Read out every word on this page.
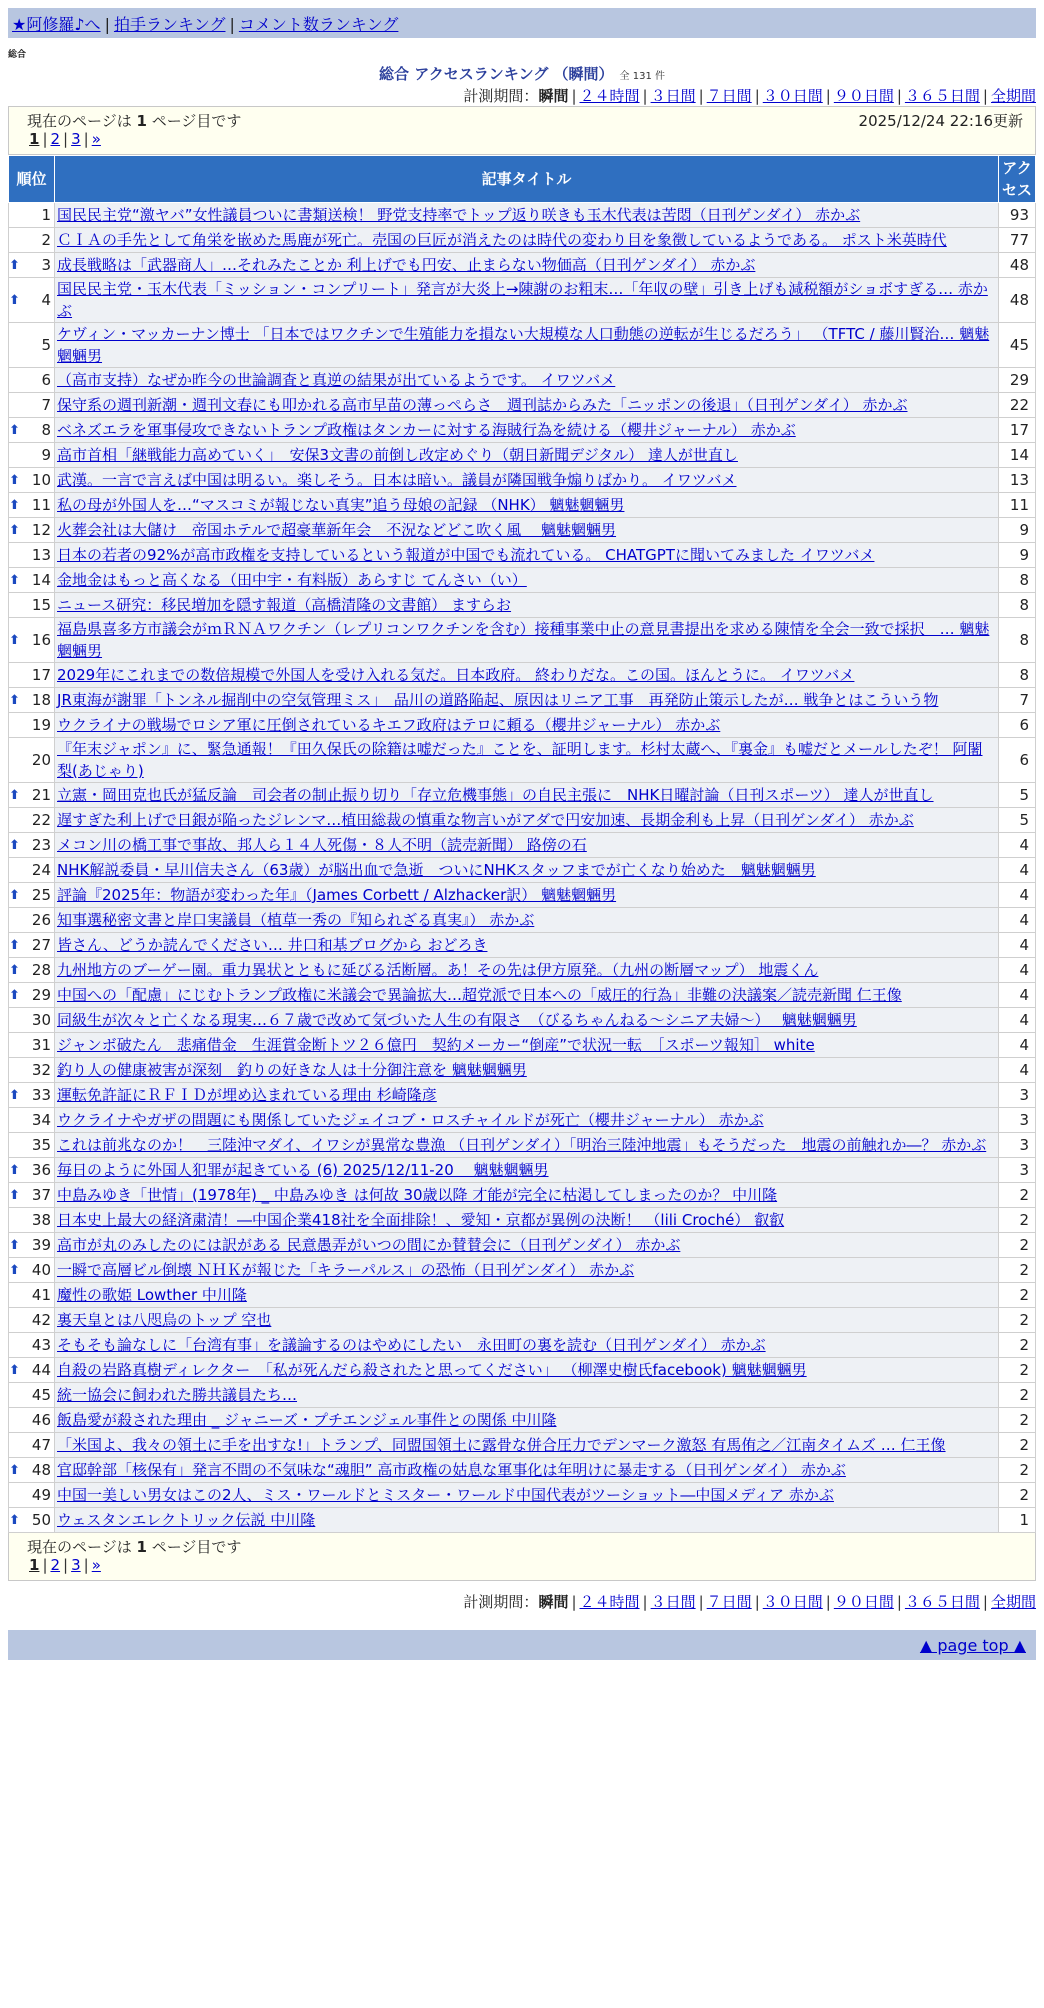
★阿修羅♪へ | 拍手ランキング | コメント数ランキング
総合
総合 アクセスランキング （瞬間） 全 131 件
計測期間：瞬間 | ２４時間 | ３日間 | ７日間 | ３０日間 | ９０日間 | ３６５日間 | 全期間
現在のページは 1 ページ目です	2025/12/24 22:16更新
1 | 2 | 3 | »
順位		記事タイトル	アクセス
	1	国民民主党“激ヤバ”女性議員ついに書類送検！ 野党支持率でトップ返り咲きも玉木代表は苦悶（日刊ゲンダイ） 赤かぶ	93
	2	ＣＩＡの手先として角栄を嵌めた馬鹿が死亡。売国の巨匠が消えたのは時代の変わり目を象徴しているようである。 ポスト米英時代	77
⬆	3	成長戦略は「武器商人」…それみたことか 利上げでも円安、止まらない物価高（日刊ゲンダイ） 赤かぶ	48
⬆	4	国民民主党・玉木代表「ミッション・コンプリート」発言が大炎上→陳謝のお粗末…「年収の壁」引き上げも減税額がショボすぎる… 赤かぶ	48
	5	ケヴィン・マッカーナン博士 「日本ではワクチンで生殖能力を損ない大規模な人口動態の逆転が生じるだろう」 （TFTC / 藤川賢治… 魑魅魍魎男	45
	6	（高市支持）なぜか昨今の世論調査と真逆の結果が出ているようです。 イワツバメ	29
	7	保守系の週刊新潮・週刊文春にも叩かれる高市早苗の薄っぺらさ　週刊誌からみた「ニッポンの後退」（日刊ゲンダイ） 赤かぶ	22
⬆	8	ベネズエラを軍事侵攻できないトランプ政権はタンカーに対する海賊行為を続ける（櫻井ジャーナル） 赤かぶ	17
	9	高市首相「継戦能力高めていく」　安保3文書の前倒し改定めぐり（朝日新聞デジタル） 達人が世直し	14
⬆	10	武漢。一言で言えば中国は明るい。楽しそう。日本は暗い。議員が隣国戦争煽りばかり。 イワツバメ	13
⬆	11	私の母が外国人を…“マスコミが報じない真実”追う母娘の記録 （NHK） 魑魅魍魎男	11
⬆	12	火葬会社は大儲け　帝国ホテルで超豪華新年会　不況などどこ吹く風　 魑魅魍魎男	9
	13	日本の若者の92%が高市政権を支持しているという報道が中国でも流れている。 CHATGPTに聞いてみました イワツバメ	9
⬆	14	金地金はもっと高くなる（田中宇・有料版）あらすじ てんさい（い）	8
	15	ニュース研究：移民増加を隠す報道（高橋清隆の文書館） ますらお	8
⬆	16	福島県喜多方市議会がｍＲＮＡワクチン（レプリコンワクチンを含む）接種事業中止の意見書提出を求める陳情を全会一致で採択　… 魑魅魍魎男	8
	17	2029年にこれまでの数倍規模で外国人を受け入れる気だ。日本政府。 終わりだな。この国。ほんとうに。 イワツバメ	8
⬆	18	JR東海が謝罪「トンネル掘削中の空気管理ミス」　品川の道路陥起、原因はリニア工事　再発防止策示したが… 戦争とはこういう物	7
	19	ウクライナの戦場でロシア軍に圧倒されているキエフ政府はテロに頼る（櫻井ジャーナル） 赤かぶ	6
	20	『年末ジャポン』に、緊急通報！『田久保氏の除籍は嘘だった』ことを、証明します。杉村太蔵へ、『裏金』も嘘だとメールしたぞ！ 阿闍梨(あじゃり)	6
⬆	21	立憲・岡田克也氏が猛反論　司会者の制止振り切り「存立危機事態」の自民主張に　NHK日曜討論（日刊スポーツ） 達人が世直し	5
	22	遅すぎた利上げで日銀が陥ったジレンマ…植田総裁の慎重な物言いがアダで円安加速、長期金利も上昇（日刊ゲンダイ） 赤かぶ	5
⬆	23	メコン川の橋工事で事故、邦人ら１４人死傷・８人不明（読売新聞） 路傍の石	4
	24	NHK解説委員・早川信夫さん（63歳）が脳出血で急逝　ついにNHKスタッフまでが亡くなり始めた　魑魅魍魎男	4
⬆	25	評論『2025年：物語が変わった年』（James Corbett / Alzhacker訳） 魑魅魍魎男	4
	26	知事選秘密文書と岸口実議員（植草一秀の『知られざる真実』） 赤かぶ	4
⬆	27	皆さん、どうか読んでください… 井口和基ブログから おどろき	4
⬆	28	九州地方のブーゲー園。重力異状とともに延びる活断層。あ！その先は伊方原発。（九州の断層マップ） 地震くん	4
⬆	29	中国への「配慮」にじむトランプ政権に米議会で異論拡大…超党派で日本への「威圧的行為」非難の決議案／読売新聞 仁王像	4
	30	同級生が次々と亡くなる現実…６７歳で改めて気づいた人生の有限さ　（びるちゃんねる～シニア夫婦～）　 魑魅魍魎男	4
	31	ジャンボ破たん　悲痛借金　生涯賞金断トツ２６億円　契約メーカー“倒産”で状況一転　［スポーツ報知］ white	4
	32	釣り人の健康被害が深刻　釣りの好きな人は十分御注意を 魑魅魍魎男	4
⬆	33	運転免許証にＲＦＩＤが埋め込まれている理由 杉崎隆彦	3
	34	ウクライナやガザの問題にも関係していたジェイコブ・ロスチャイルドが死亡（櫻井ジャーナル） 赤かぶ	3
	35	これは前兆なのか！　三陸沖マダイ、イワシが異常な豊漁 （日刊ゲンダイ）「明治三陸沖地震」もそうだった　地震の前触れか―？ 赤かぶ	3
⬆	36	毎日のように外国人犯罪が起きている (6) 2025/12/11-20　 魑魅魍魎男	3
⬆	37	中島みゆき「世情」(1978年) _ 中島みゆき は何故 30歳以降 才能が完全に枯渇してしまったのか？ 中川隆	2
	38	日本史上最大の経済粛清！―中国企業418社を全面排除！、愛知・京都が異例の決断！ （lili Croché） 叡叡	2
⬆	39	高市が丸のみしたのには訳がある 民意愚弄がいつの間にか賛賛会に（日刊ゲンダイ） 赤かぶ	2
⬆	40	一瞬で高層ビル倒壊 ＮＨＫが報じた「キラーパルス」の恐怖（日刊ゲンダイ） 赤かぶ	2
	41	魔性の歌姫 Lowther 中川隆	2
	42	裏天皇とは八咫烏のトップ 空也	2
	43	そもそも論なしに「台湾有事」を議論するのはやめにしたい　永田町の裏を読む（日刊ゲンダイ） 赤かぶ	2
⬆	44	自殺の岩路真樹ディレクター　「私が死んだら殺されたと思ってください」 （柳澤史樹氏facebook) 魑魅魍魎男	2
	45	統一協会に飼われた勝共議員たち…	2
	46	飯島愛が殺された理由 _ ジャニーズ・プチエンジェル事件との関係 中川隆	2
	47	「米国よ、我々の領土に手を出すな!」トランプ、同盟国領土に露骨な併合圧力でデンマーク激怒 有馬侑之／江南タイムズ … 仁王像	2
⬆	48	官邸幹部「核保有」発言不問の不気味な“魂胆” 高市政権の姑息な軍事化は年明けに暴走する（日刊ゲンダイ） 赤かぶ	2
	49	中国一美しい男女はこの2人、ミス・ワールドとミスター・ワールド中国代表がツーショット―中国メディア 赤かぶ	2
⬆	50	ウェスタンエレクトリック伝説 中川隆	1
現在のページは 1 ページ目です
1 | 2 | 3 | »
計測期間：瞬間 | ２４時間 | ３日間 | ７日間 | ３０日間 | ９０日間 | ３６５日間 | 全期間
▲ page top ▲
